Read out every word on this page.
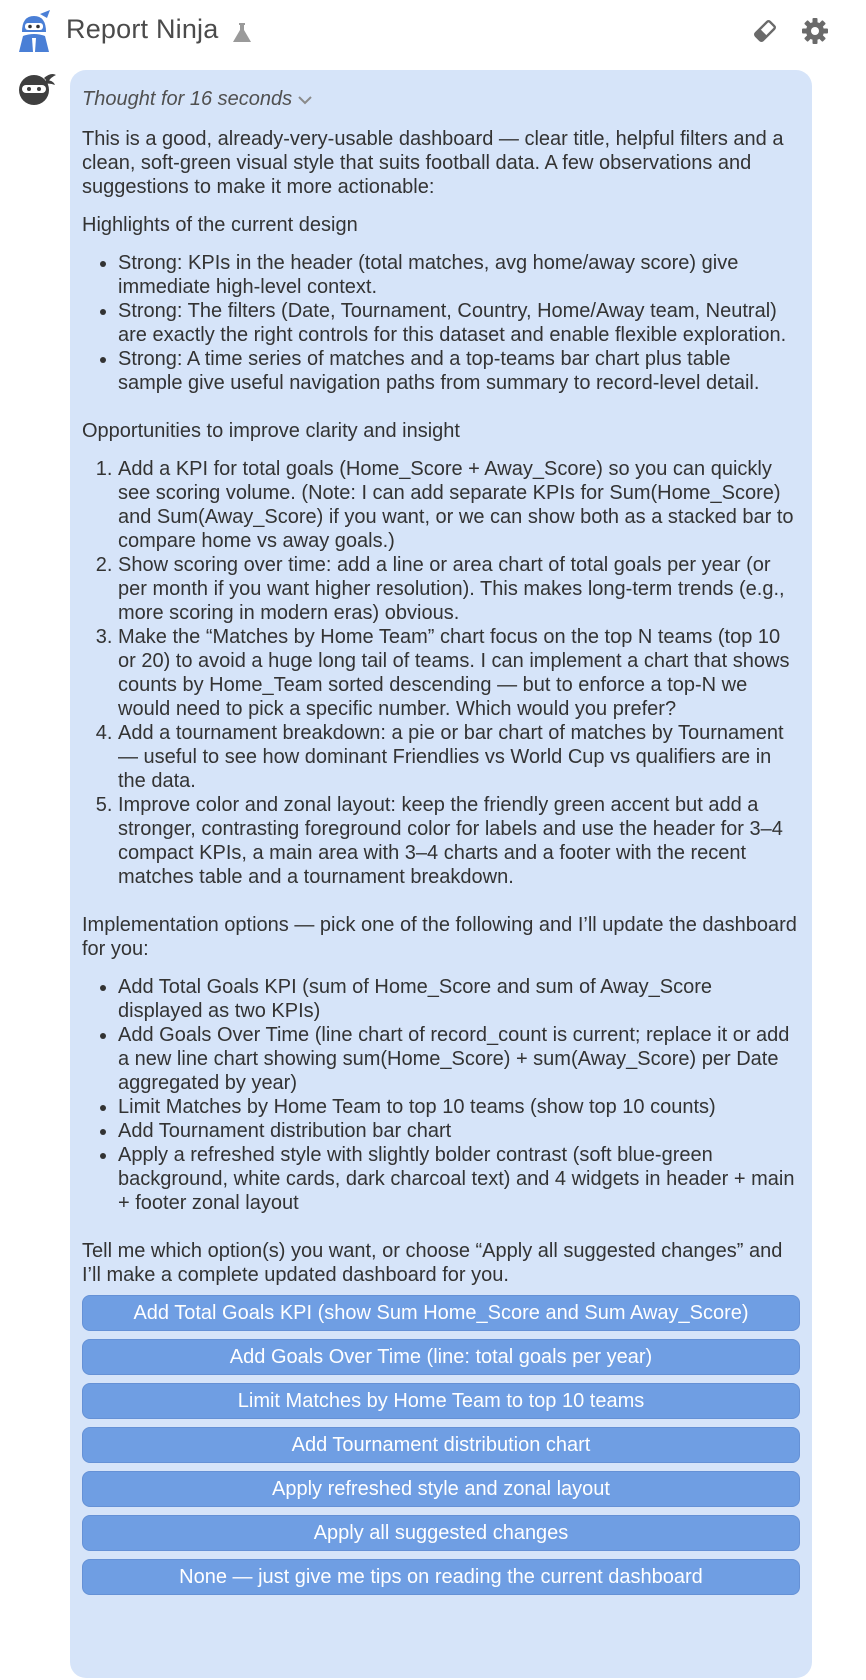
Report Ninja
Thought for 16 seconds

This is a good, already-very-usable dashboard — clear title, helpful filters and a clean, soft-green visual style that suits football data. A few observations and suggestions to make it more actionable:

Highlights of the current design

• Strong: KPIs in the header (total matches, avg home/away score) give immediate high-level context.
• Strong: The filters (Date, Tournament, Country, Home/Away team, Neutral) are exactly the right controls for this dataset and enable flexible exploration.
• Strong: A time series of matches and a top-teams bar chart plus table sample give useful navigation paths from summary to record-level detail.

Opportunities to improve clarity and insight

1. Add a KPI for total goals (Home_Score + Away_Score) so you can quickly see scoring volume. (Note: I can add separate KPIs for Sum(Home_Score) and Sum(Away_Score) if you want, or we can show both as a stacked bar to compare home vs away goals.)
2. Show scoring over time: add a line or area chart of total goals per year (or per month if you want higher resolution). This makes long-term trends (e.g., more scoring in modern eras) obvious.
3. Make the “Matches by Home Team” chart focus on the top N teams (top 10 or 20) to avoid a huge long tail of teams. I can implement a chart that shows counts by Home_Team sorted descending — but to enforce a top-N we would need to pick a specific number. Which would you prefer?
4. Add a tournament breakdown: a pie or bar chart of matches by Tournament — useful to see how dominant Friendlies vs World Cup vs qualifiers are in the data.
5. Improve color and zonal layout: keep the friendly green accent but add a stronger, contrasting foreground color for labels and use the header for 3–4 compact KPIs, a main area with 3–4 charts and a footer with the recent matches table and a tournament breakdown.

Implementation options — pick one of the following and I’ll update the dashboard for you:

• Add Total Goals KPI (sum of Home_Score and sum of Away_Score displayed as two KPIs)
• Add Goals Over Time (line chart of record_count is current; replace it or add a new line chart showing sum(Home_Score) + sum(Away_Score) per Date aggregated by year)
• Limit Matches by Home Team to top 10 teams (show top 10 counts)
• Add Tournament distribution bar chart
• Apply a refreshed style with slightly bolder contrast (soft blue-green background, white cards, dark charcoal text) and 4 widgets in header + main + footer zonal layout

Tell me which option(s) you want, or choose “Apply all suggested changes” and I’ll make a complete updated dashboard for you.

Add Total Goals KPI (show Sum Home_Score and Sum Away_Score)
Add Goals Over Time (line: total goals per year)
Limit Matches by Home Team to top 10 teams
Add Tournament distribution chart
Apply refreshed style and zonal layout
Apply all suggested changes
None — just give me tips on reading the current dashboard
